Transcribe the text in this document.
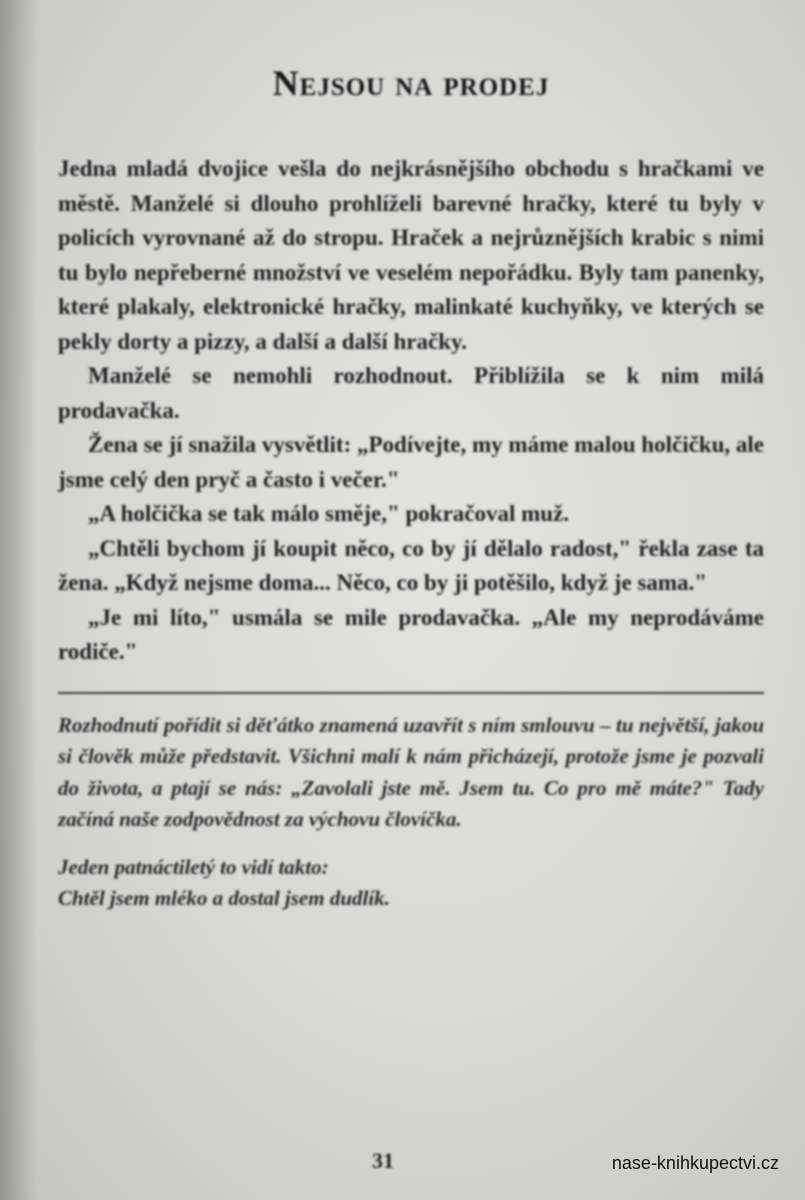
Nejsou na prodej

Jedna mladá dvojice vešla do nejkrásnějšího obchodu s hračkami ve městě. Manželé si dlouho prohlíželi barevné hračky, které tu byly v policích vyrovnané až do stropu. Hraček a nejrůznějších krabic s nimi tu bylo nepřeberné množství ve veselém nepořádku. Byly tam panenky, které plakaly, elektronické hračky, malinkaté kuchyňky, ve kterých se pekly dorty a pizzy, a další a další hračky.

Manželé se nemohli rozhodnout. Přiblížila se k nim milá prodavačka.

Žena se jí snažila vysvětlit: „Podívejte, my máme malou holčičku, ale jsme celý den pryč a často i večer."

„A holčička se tak málo směje," pokračoval muž.

„Chtěli bychom jí koupit něco, co by jí dělalo radost," řekla zase ta žena. „Když nejsme doma... Něco, co by ji potěšilo, když je sama."

„Je mi líto," usmála se mile prodavačka. „Ale my neprodáváme rodiče."

Rozhodnutí pořídit si děťátko znamená uzavřít s ním smlouvu – tu největší, jakou si člověk může představit. Všichni malí k nám přicházejí, protože jsme je pozvali do života, a ptají se nás: „Zavolali jste mě. Jsem tu. Co pro mě máte?" Tady začíná naše zodpovědnost za výchovu človíčka.

Jeden patnáctiletý to vidí takto:

Chtěl jsem mléko a dostal jsem dudlík.

31	nase-knihkupectvi.cz
